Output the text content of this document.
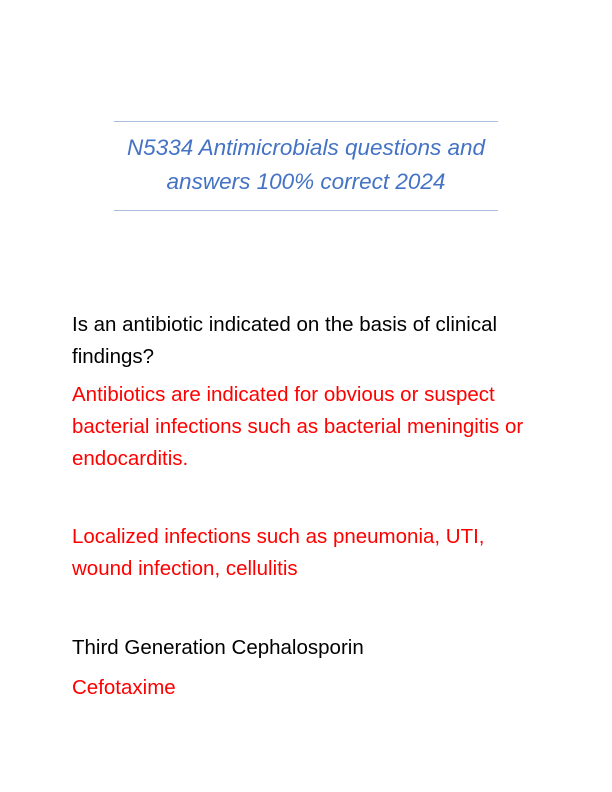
N5334 Antimicrobials questions and answers 100% correct 2024
Is an antibiotic indicated on the basis of clinical findings?
Antibiotics are indicated for obvious or suspect bacterial infections such as bacterial meningitis or endocarditis.
Localized infections such as pneumonia, UTI, wound infection, cellulitis
Third Generation Cephalosporin
Cefotaxime
